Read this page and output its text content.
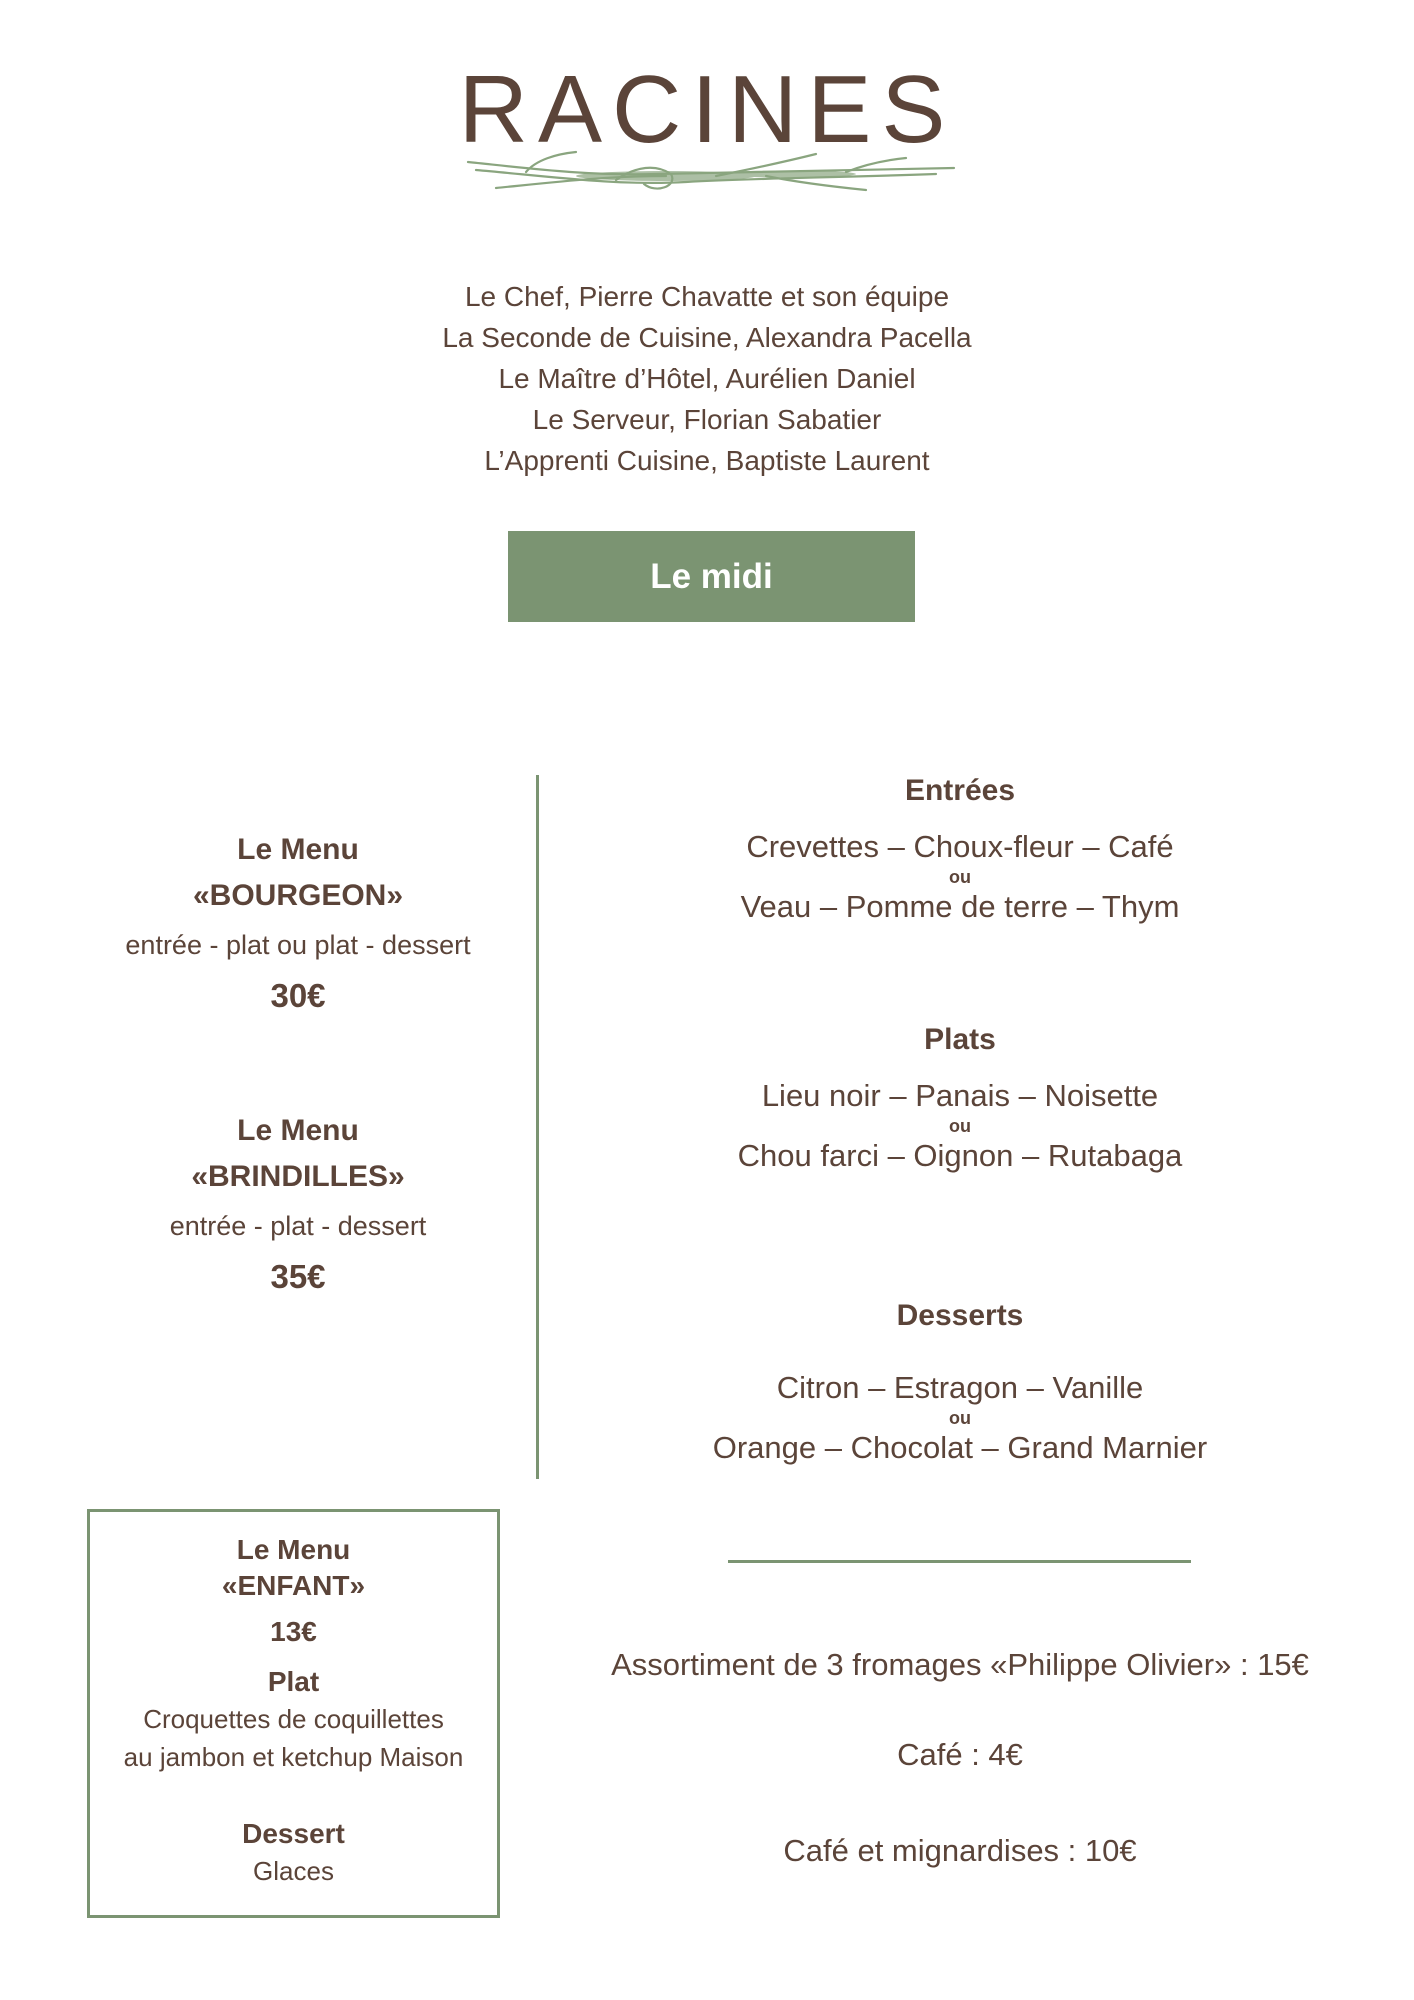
RACINES
Le Chef, Pierre Chavatte et son équipe
La Seconde de Cuisine, Alexandra Pacella
Le Maître d’Hôtel, Aurélien Daniel
Le Serveur, Florian Sabatier
L’Apprenti Cuisine, Baptiste Laurent
Le midi
Le Menu
«BOURGEON»
entrée - plat ou plat - dessert
30€
Le Menu
«BRINDILLES»
entrée - plat - dessert
35€
Le Menu
«ENFANT»
13€
Plat
Croquettes de coquillettes
au jambon et ketchup Maison
Dessert
Glaces
Entrées
Crevettes – Choux-fleur – Café
ou
Veau – Pomme de terre – Thym
Plats
Lieu noir – Panais – Noisette
ou
Chou farci – Oignon – Rutabaga
Desserts
Citron – Estragon – Vanille
ou
Orange – Chocolat – Grand Marnier
Assortiment de 3 fromages «Philippe Olivier» : 15€
Café : 4€
Café et mignardises : 10€
